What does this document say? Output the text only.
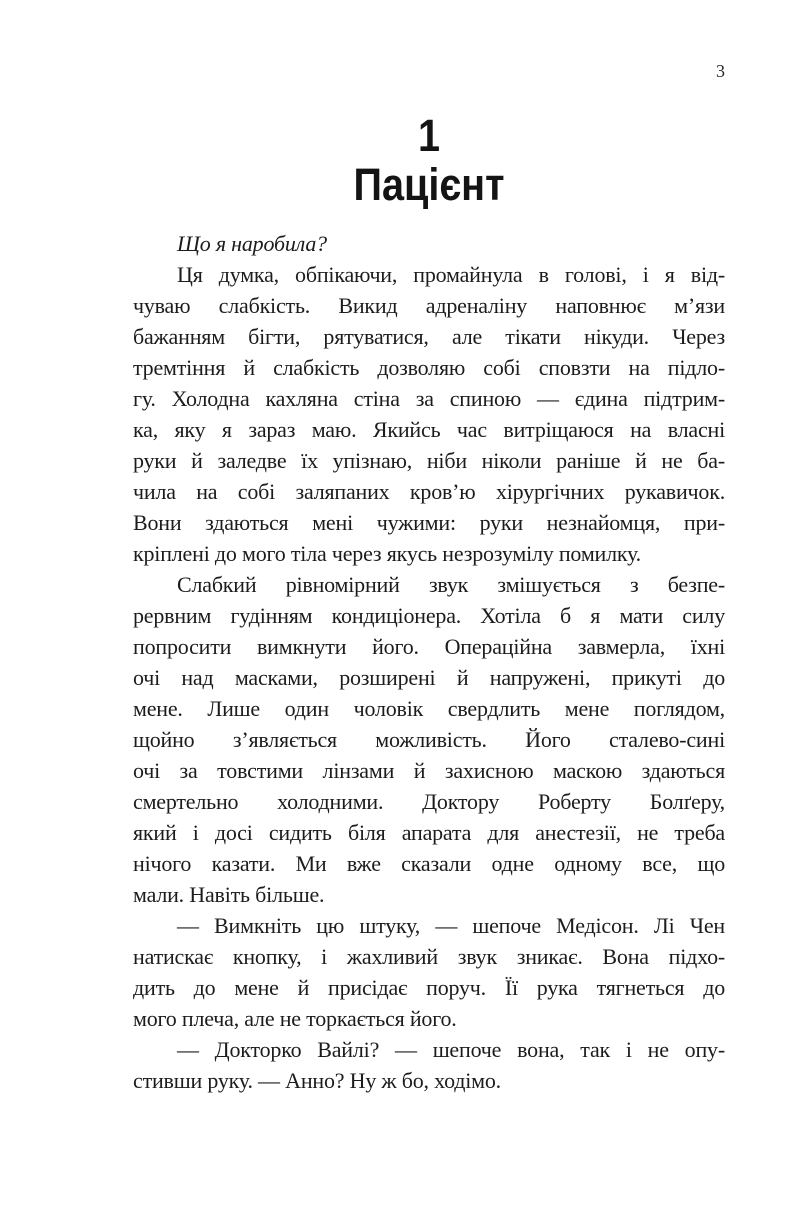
3
1
Пацієнт
Що я наробила?
Ця думка, обпікаючи, промайнула в голові, і я від-
чуваю слабкість. Викид адреналіну наповнює м’язи
бажанням бігти, рятуватися, але тікати нікуди. Через
тремтіння й слабкість дозволяю собі сповзти на підло-
гу. Холодна кахляна стіна за спиною — єдина підтрим-
ка, яку я зараз маю. Якийсь час витріщаюся на власні
руки й заледве їх упізнаю, ніби ніколи раніше й не ба-
чила на собі заляпаних кров’ю хірургічних рукавичок.
Вони здаються мені чужими: руки незнайомця, при-
кріплені до мого тіла через якусь незрозумілу помилку.
Слабкий рівномірний звук змішується з безпе-
рервним гудінням кондиціонера. Хотіла б я мати силу
попросити вимкнути його. Операційна завмерла, їхні
очі над масками, розширені й напружені, прикуті до
мене. Лише один чоловік свердлить мене поглядом,
щойно з’являється можливість. Його сталево-сині
очі за товстими лінзами й захисною маскою здаються
смертельно холодними. Доктору Роберту Болґеру,
який і досі сидить біля апарата для анестезії, не треба
нічого казати. Ми вже сказали одне одному все, що
мали. Навіть більше.
— Вимкніть цю штуку, — шепоче Медісон. Лі Чен
натискає кнопку, і жахливий звук зникає. Вона підхо-
дить до мене й присідає поруч. Її рука тягнеться до
мого плеча, але не торкається його.
— Докторко Вайлі? — шепоче вона, так і не опу-
стивши руку. — Анно? Ну ж бо, ходімо.
